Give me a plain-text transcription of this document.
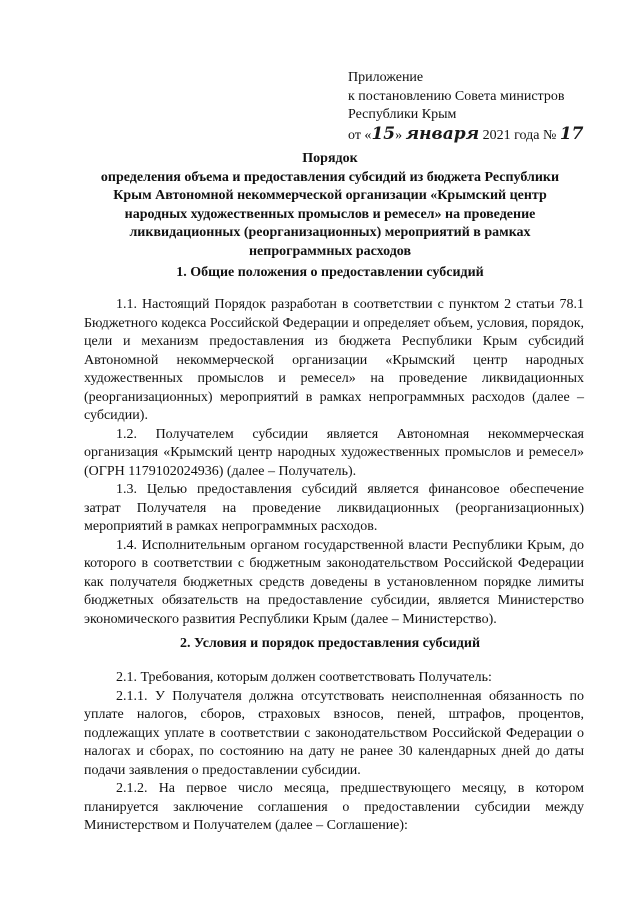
Приложение
к постановлению Совета министров
Республики Крым
от «15» января 2021 года № 17
Порядок
определения объема и предоставления субсидий из бюджета Республики
Крым Автономной некоммерческой организации «Крымский центр
народных художественных промыслов и ремесел» на проведение
ликвидационных (реорганизационных) мероприятий в рамках
непрограммных расходов
1. Общие положения о предоставлении субсидий

1.1. Настоящий Порядок разработан в соответствии с пунктом 2 статьи 78.1 Бюджетного кодекса Российской Федерации и определяет объем, условия, порядок, цели и механизм предоставления из бюджета Республики Крым субсидий Автономной некоммерческой организации «Крымский центр народных художественных промыслов и ремесел» на проведение ликвидационных (реорганизационных) мероприятий в рамках непрограммных расходов (далее – субсидии).

1.2. Получателем субсидии является Автономная некоммерческая организация «Крымский центр народных художественных промыслов и ремесел» (ОГРН 1179102024936) (далее – Получатель).

1.3. Целью предоставления субсидий является финансовое обеспечение затрат Получателя на проведение ликвидационных (реорганизационных) мероприятий в рамках непрограммных расходов.

1.4. Исполнительным органом государственной власти Республики Крым, до которого в соответствии с бюджетным законодательством Российской Федерации как получателя бюджетных средств доведены в установленном порядке лимиты бюджетных обязательств на предоставление субсидии, является Министерство экономического развития Республики Крым (далее – Министерство).

2. Условия и порядок предоставления субсидий

2.1. Требования, которым должен соответствовать Получатель:

2.1.1. У Получателя должна отсутствовать неисполненная обязанность по уплате налогов, сборов, страховых взносов, пеней, штрафов, процентов, подлежащих уплате в соответствии с законодательством Российской Федерации о налогах и сборах, по состоянию на дату не ранее 30 календарных дней до даты подачи заявления о предоставлении субсидии.

2.1.2. На первое число месяца, предшествующего месяцу, в котором планируется заключение соглашения о предоставлении субсидии между Министерством и Получателем (далее – Соглашение):
